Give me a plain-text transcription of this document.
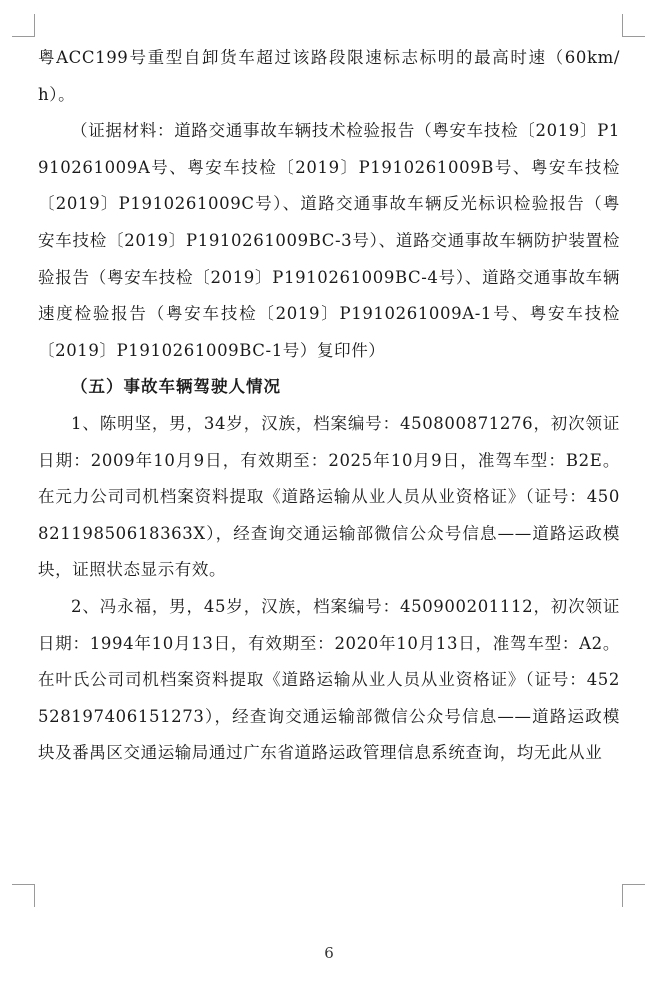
粤ACC199号重型自卸货车超过该路段限速标志标明的最高时速（60km/h）。

（证据材料：道路交通事故车辆技术检验报告（粤安车技检〔2019〕P1910261009A号、粤安车技检〔2019〕P1910261009B号、粤安车技检〔2019〕P1910261009C号）、道路交通事故车辆反光标识检验报告（粤安车技检〔2019〕P1910261009BC-3号）、道路交通事故车辆防护装置检验报告（粤安车技检〔2019〕P1910261009BC-4号）、道路交通事故车辆速度检验报告（粤安车技检〔2019〕P1910261009A-1号、粤安车技检〔2019〕P1910261009BC-1号）复印件）

（五）事故车辆驾驶人情况

1、陈明坚，男，34岁，汉族，档案编号：450800871276，初次领证日期：2009年10月9日，有效期至：2025年10月9日，准驾车型：B2E。在元力公司司机档案资料提取《道路运输从业人员从业资格证》（证号：450821198506183​63X），经查询交通运输部微信公众号信息——道路运政模块，证照状态显示有效。

2、冯永福，男，45岁，汉族，档案编号：450900201112，初次领证日期：1994年10月13日，有效期至：2020年10月13日，准驾车型：A2。在叶氏公司司机档案资料提取《道路运输从业人员从业资格证》（证号：452528197406151273），经查询交通运输部微信公众号信息——道路运政模块及番禺区交通运输局通过广东省道路运政管理信息系统查询，均无此从业

6
